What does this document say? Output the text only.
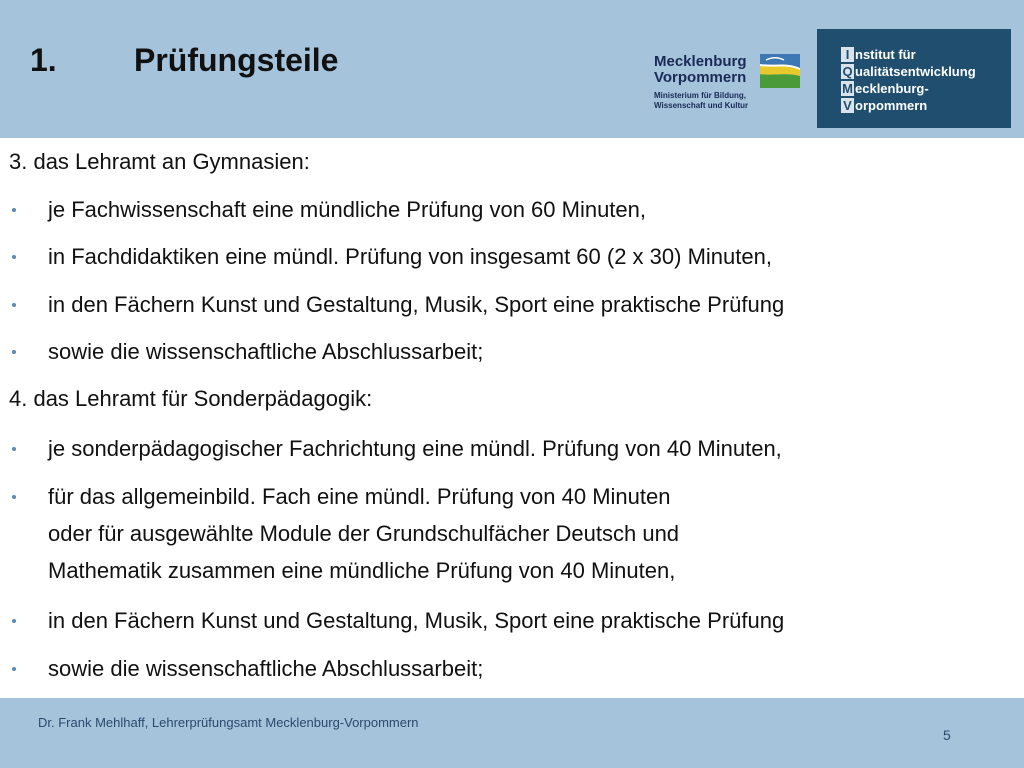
1. Prüfungsteile	Mecklenburg
Vorpommern
Ministerium für Bildung,
Wissenschaft und Kultur
I nstitut für
Q ualitätsentwicklung
M ecklenburg-
V orpommern
3. das Lehramt an Gymnasien:
je Fachwissenschaft eine mündliche Prüfung von 60 Minuten,
in Fachdidaktiken eine mündl. Prüfung von insgesamt 60 (2 x 30) Minuten,
in den Fächern Kunst und Gestaltung, Musik, Sport eine praktische Prüfung
sowie die wissenschaftliche Abschlussarbeit;
4. das Lehramt für Sonderpädagogik:
je sonderpädagogischer Fachrichtung eine mündl. Prüfung von 40 Minuten,
für das allgemeinbild. Fach eine mündl. Prüfung von 40 Minuten
oder für ausgewählte Module der Grundschulfächer Deutsch und
Mathematik zusammen eine mündliche Prüfung von 40 Minuten,
in den Fächern Kunst und Gestaltung, Musik, Sport eine praktische Prüfung
sowie die wissenschaftliche Abschlussarbeit;
Dr. Frank Mehlhaff, Lehrerprüfungsamt Mecklenburg-Vorpommern
5
